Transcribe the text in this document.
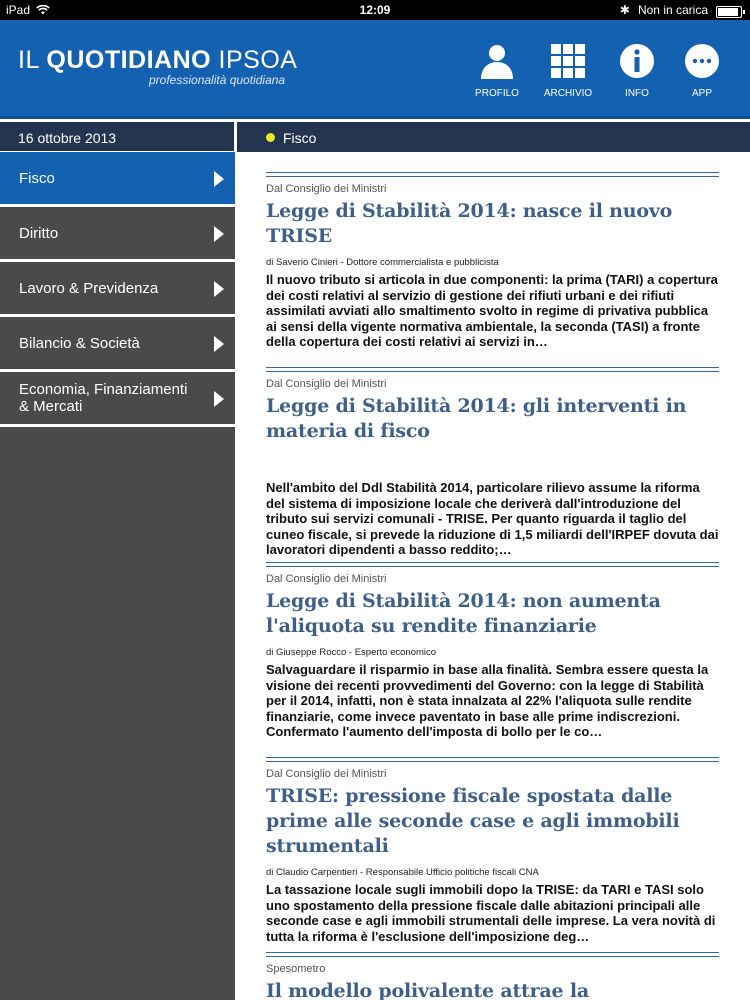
iPad	12:09	✱ Non in carica
IL QUOTIDIANO IPSOA
professionalità quotidiana
PROFILO	ARCHIVIO	INFO	APP
16 ottobre 2013	Fisco
Fisco
Diritto
Lavoro & Previdenza
Bilancio & Società
Economia, Finanziamenti & Mercati
Dal Consiglio dei Ministri
Legge di Stabilità 2014: nasce il nuovo TRISE
di Saverio Cinieri - Dottore commercialista e pubblicista
Il nuovo tributo si articola in due componenti: la prima (TARI) a copertura dei costi relativi al servizio di gestione dei rifiuti urbani e dei rifiuti assimilati avviati allo smaltimento svolto in regime di privativa pubblica ai sensi della vigente normativa ambientale, la seconda (TASI) a fronte della copertura dei costi relativi ai servizi in…
Dal Consiglio dei Ministri
Legge di Stabilità 2014: gli interventi in materia di fisco
Nell'ambito del Ddl Stabilità 2014, particolare rilievo assume la riforma del sistema di imposizione locale che deriverà dall'introduzione del tributo sui servizi comunali - TRISE. Per quanto riguarda il taglio del cuneo fiscale, si prevede la riduzione di 1,5 miliardi dell'IRPEF dovuta dai lavoratori dipendenti a basso reddito;…
Dal Consiglio dei Ministri
Legge di Stabilità 2014: non aumenta l'aliquota su rendite finanziarie
di Giuseppe Rocco - Esperto economico
Salvaguardare il risparmio in base alla finalità. Sembra essere questa la visione dei recenti provvedimenti del Governo: con la legge di Stabilità per il 2014, infatti, non è stata innalzata al 22% l'aliquota sulle rendite finanziarie, come invece paventato in base alle prime indiscrezioni. Confermato l'aumento dell'imposta di bollo per le co…
Dal Consiglio dei Ministri
TRISE: pressione fiscale spostata dalle prime alle seconde case e agli immobili strumentali
di Claudio Carpentieri - Responsabile Ufficio politiche fiscali CNA
La tassazione locale sugli immobili dopo la TRISE: da TARI e TASI solo uno spostamento della pressione fiscale dalle abitazioni principali alle seconde case e agli immobili strumentali delle imprese. La vera novità di tutta la riforma è l'esclusione dell'imposizione deg…
Spesometro
Il modello polivalente attrae la
